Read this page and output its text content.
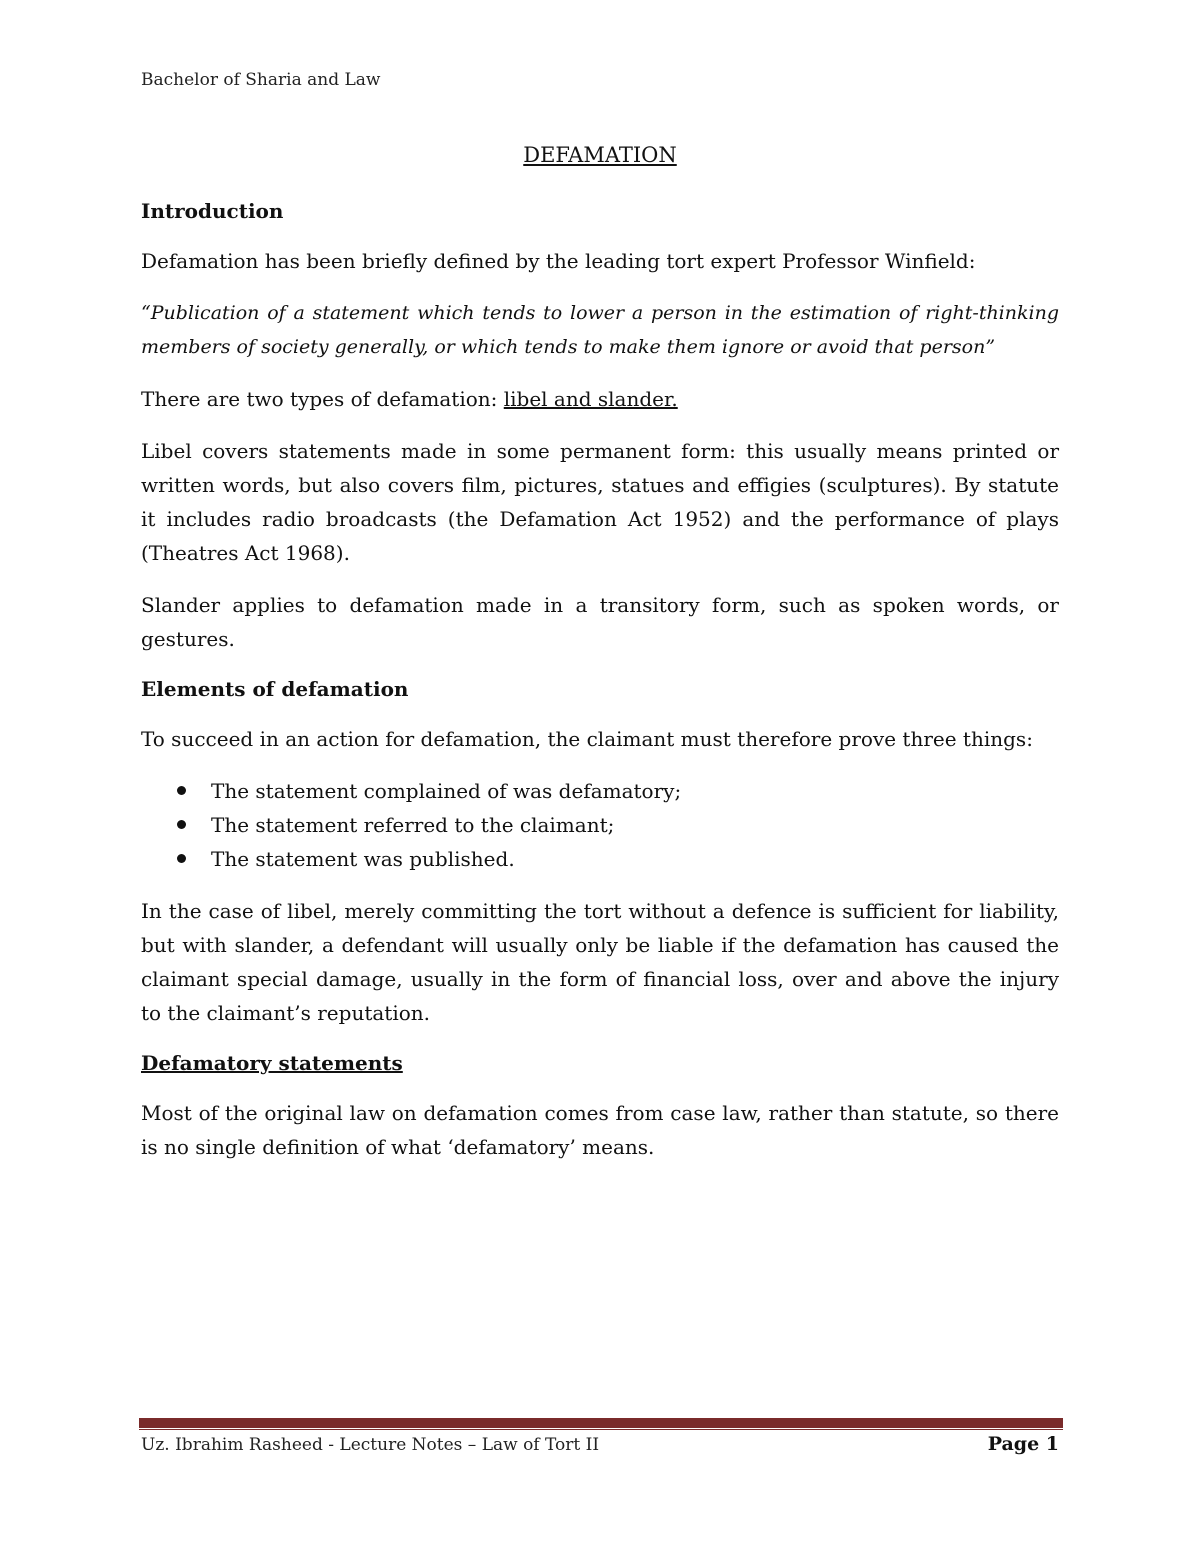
Bachelor of Sharia and Law
DEFAMATION
Introduction

Defamation has been briefly defined by the leading tort expert Professor Winfield:

“Publication of a statement which tends to lower a person in the estimation of right-thinking members of society generally, or which tends to make them ignore or avoid that person”

There are two types of defamation: libel and slander.

Libel covers statements made in some permanent form: this usually means printed or written words, but also covers film, pictures, statues and effigies (sculptures). By statute it includes radio broadcasts (the Defamation Act 1952) and the performance of plays (Theatres Act 1968).

Slander applies to defamation made in a transitory form, such as spoken words, or gestures.

Elements of defamation

To succeed in an action for defamation, the claimant must therefore prove three things:

The statement complained of was defamatory;
The statement referred to the claimant;
The statement was published.

In the case of libel, merely committing the tort without a defence is sufficient for liability, but with slander, a defendant will usually only be liable if the defamation has caused the claimant special damage, usually in the form of financial loss, over and above the injury to the claimant’s reputation.

Defamatory statements

Most of the original law on defamation comes from case law, rather than statute, so there is no single definition of what ‘defamatory’ means.

Uz. Ibrahim Rasheed - Lecture Notes – Law of Tort II	Page 1
